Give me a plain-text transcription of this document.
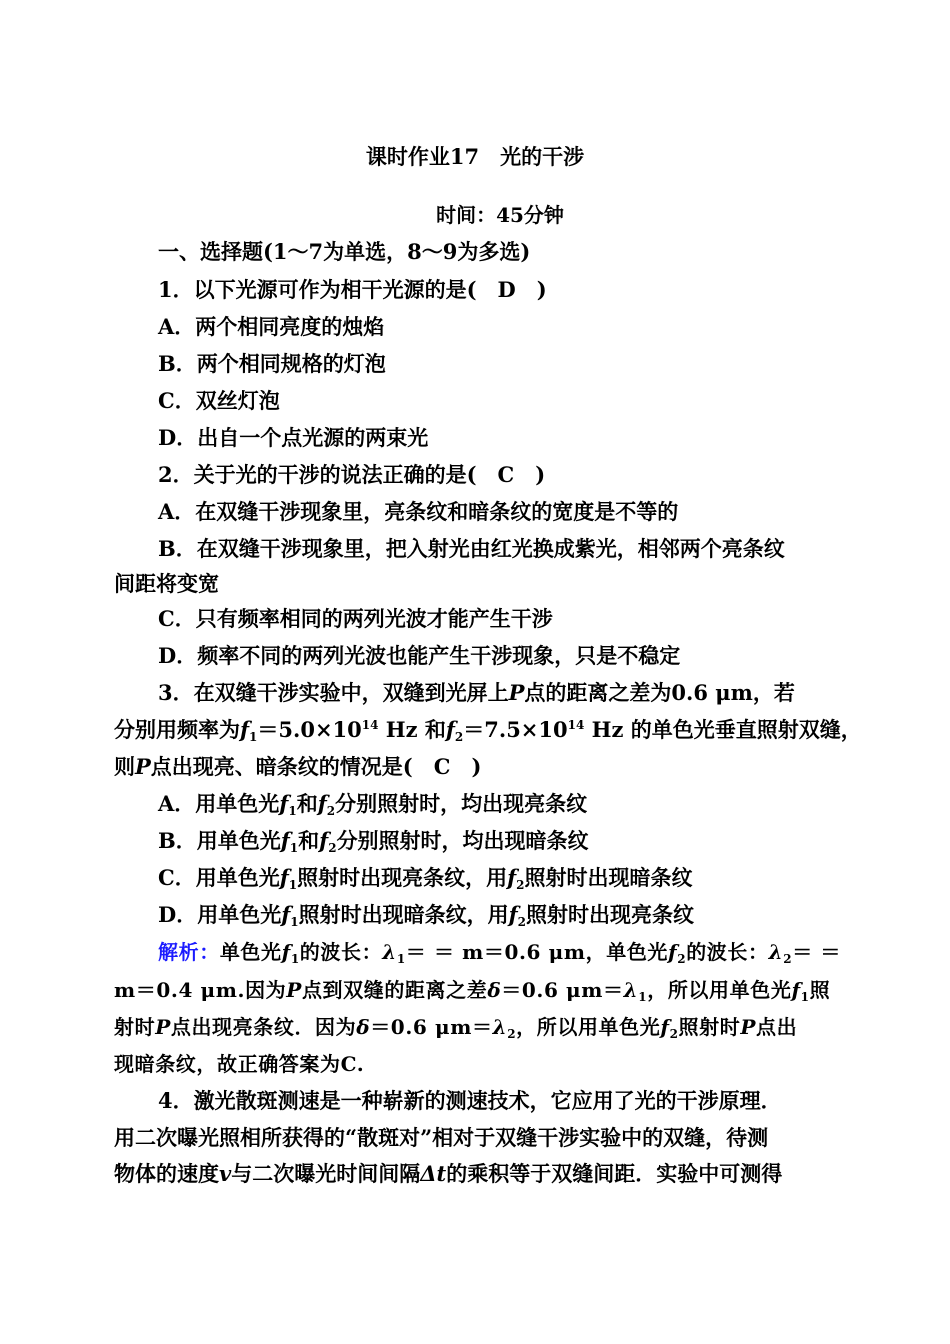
课时作业17　光的干涉
时间：45分钟
一、选择题(1～7为单选，8～9为多选)
1．以下光源可作为相干光源的是(　D　)
A．两个相同亮度的烛焰
B．两个相同规格的灯泡
C．双丝灯泡
D．出自一个点光源的两束光
2．关于光的干涉的说法正确的是(　C　)
A．在双缝干涉现象里，亮条纹和暗条纹的宽度是不等的
B．在双缝干涉现象里，把入射光由红光换成紫光，相邻两个亮条纹
间距将变宽
C．只有频率相同的两列光波才能产生干涉
D．频率不同的两列光波也能产生干涉现象，只是不稳定
3．在双缝干涉实验中，双缝到光屏上P点的距离之差为0.6 μm，若
分别用频率为$f_1=5.0\times 10^{14}$ Hz 和$f_2=7.5\times 10^{14}$ Hz 的单色光垂直照射双缝，
则P点出现亮、暗条纹的情况是(　C　)
A．用单色光$f_1$和$f_2$分别照射时，均出现亮条纹
B．用单色光$f_1$和$f_2$分别照射时，均出现暗条纹
C．用单色光$f_1$照射时出现亮条纹，用$f_2$照射时出现暗条纹
D．用单色光$f_1$照射时出现暗条纹，用$f_2$照射时出现亮条纹
解析：单色光$f_1$的波长：$\lambda_1= = m=0.6$ μm，单色光$f_2$的波长：$\lambda_2=$ ＝
m＝0.4 μm.因为P点到双缝的距离之差δ＝0.6 $\mu m=\lambda_1$，所以用单色光$f_1$照
射时P点出现亮条纹．因为δ＝0.6 $\mu m=\lambda_2$，所以用单色光$f_2$照射时P点出
现暗条纹，故正确答案为C.
4．激光散斑测速是一种崭新的测速技术，它应用了光的干涉原理．
用二次曝光照相所获得的“散斑对”相对于双缝干涉实验中的双缝，待测
物体的速度v与二次曝光时间间隔Δt的乘积等于双缝间距．实验中可测得
